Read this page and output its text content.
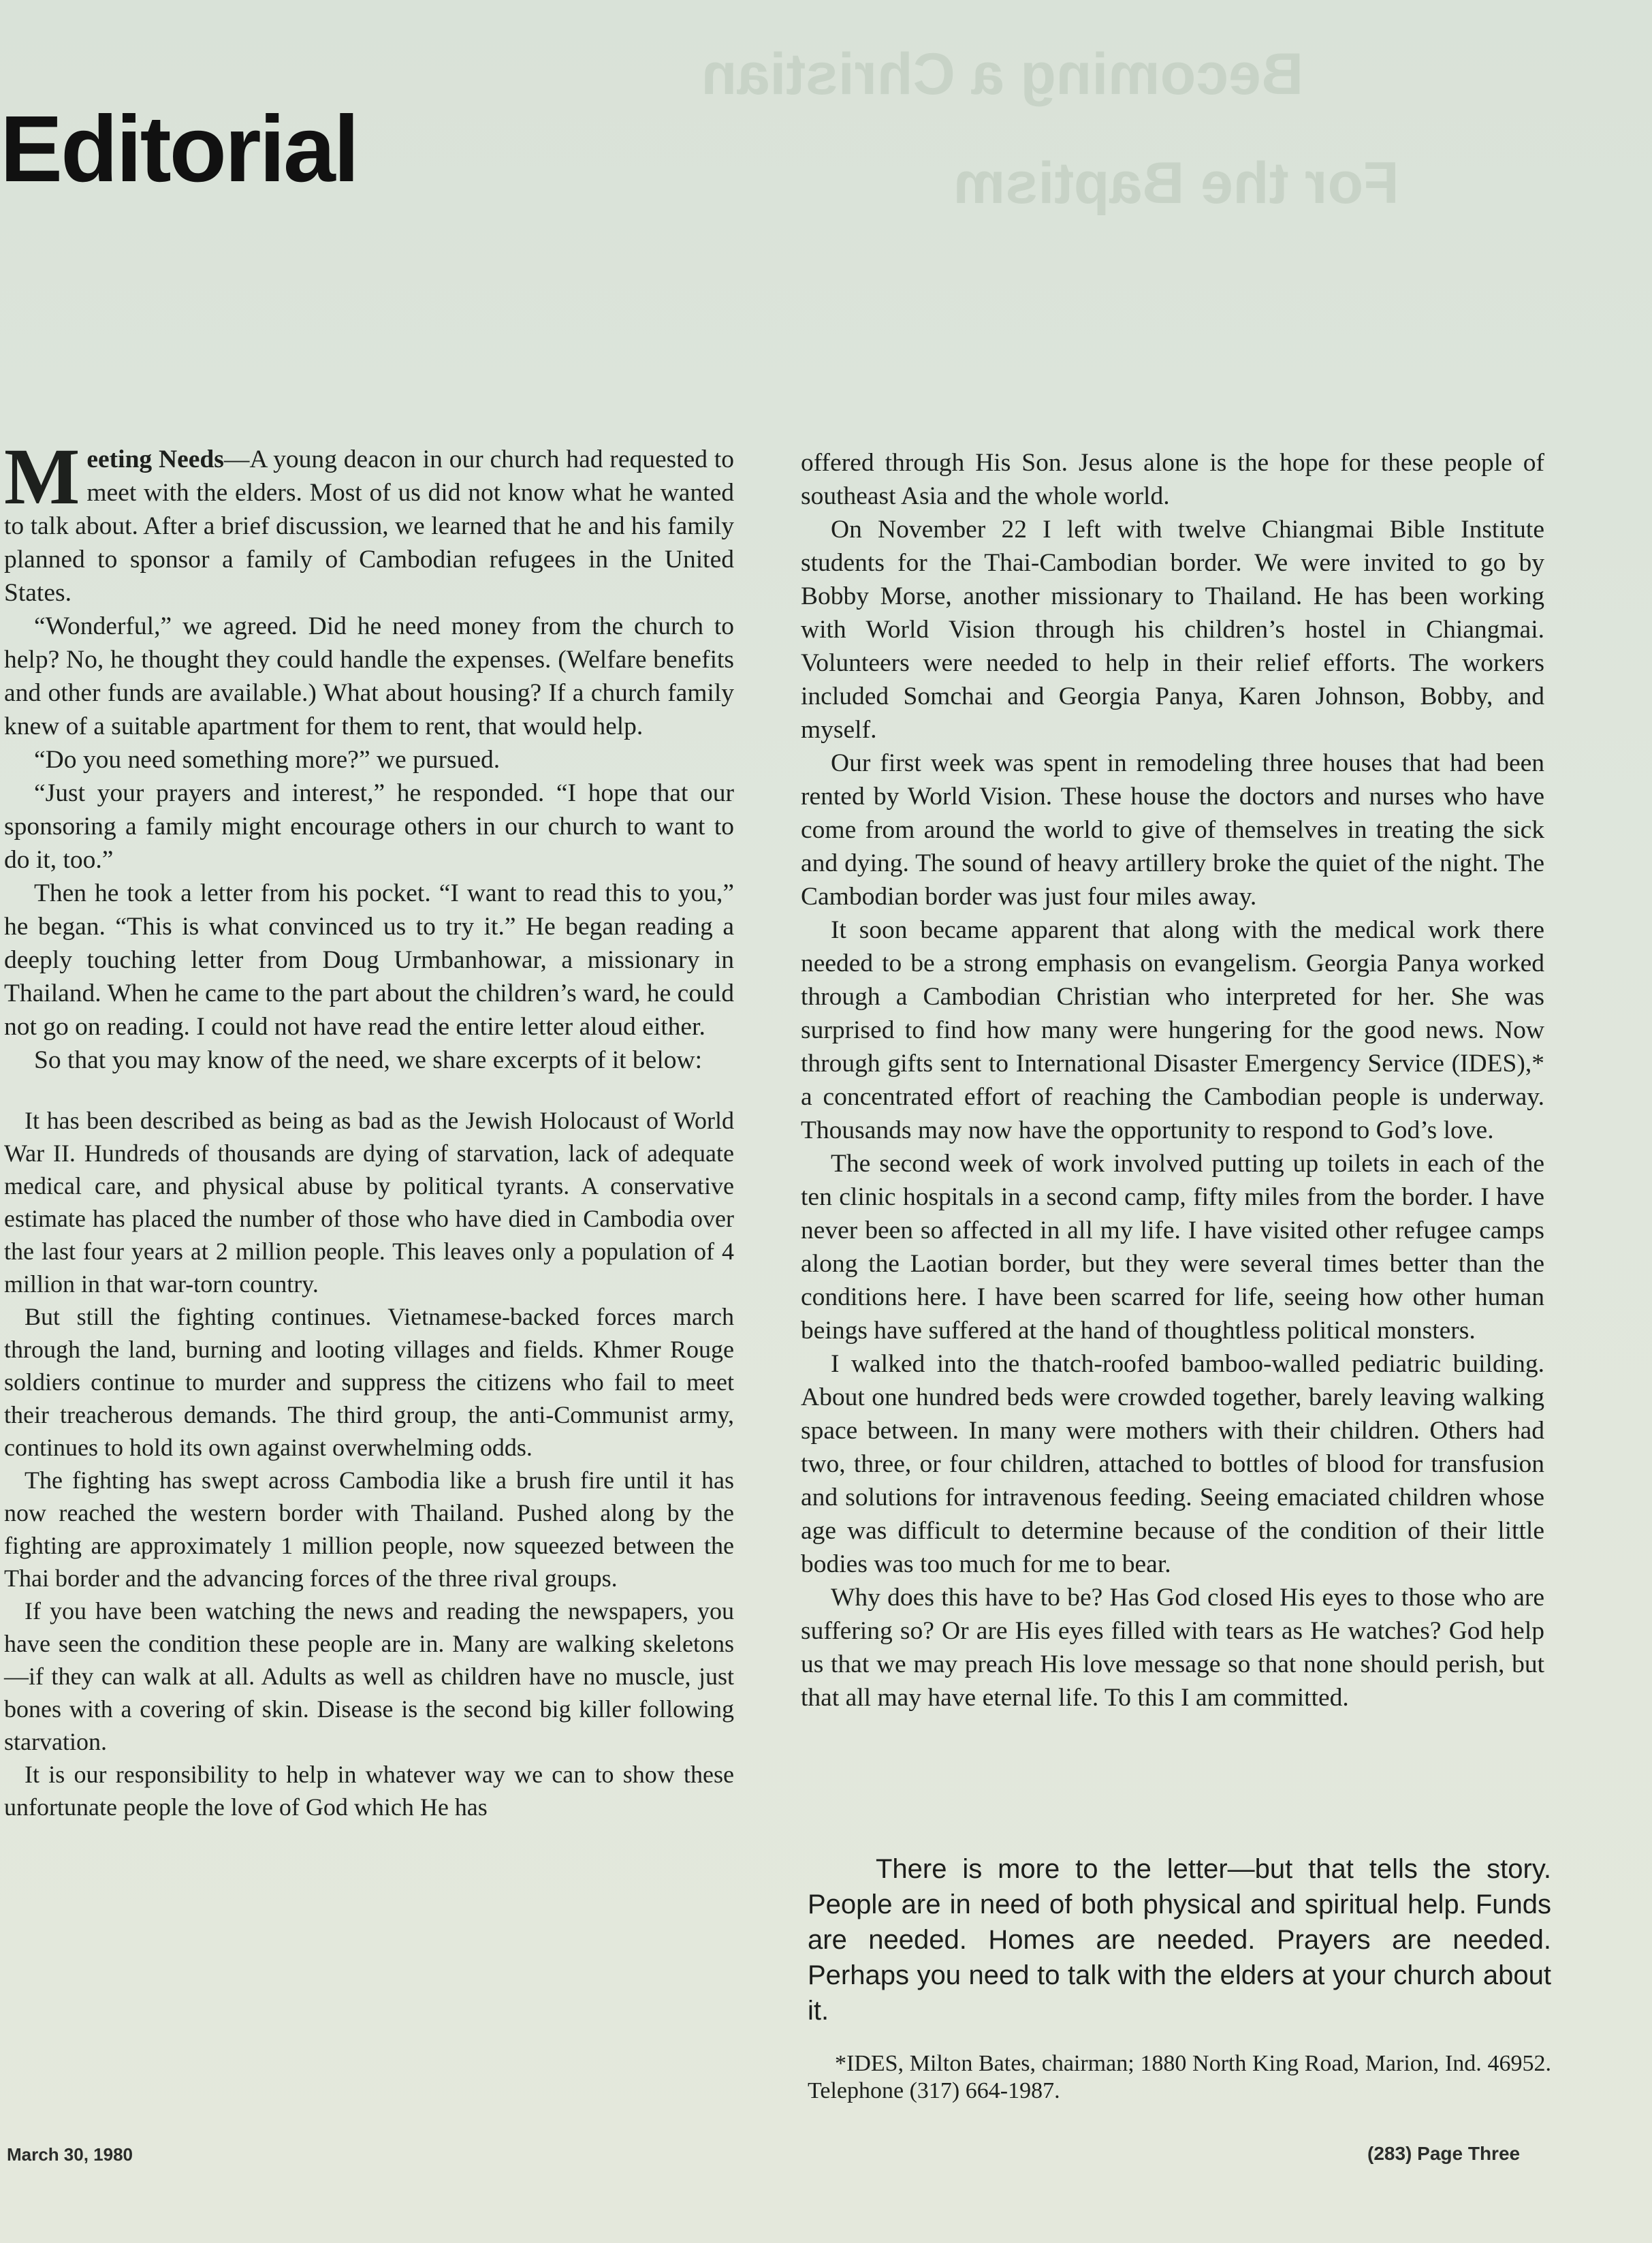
Becoming a Christian
For the Baptism
Editorial

Meeting Needs—A young deacon in our church had requested to meet with the elders. Most of us did not know what he wanted to talk about. After a brief discussion, we learned that he and his family planned to sponsor a family of Cambodian refugees in the United States.

“Wonderful,” we agreed. Did he need money from the church to help? No, he thought they could handle the expenses. (Welfare benefits and other funds are available.) What about housing? If a church family knew of a suitable apartment for them to rent, that would help.

“Do you need something more?” we pursued.

“Just your prayers and interest,” he responded. “I hope that our sponsoring a family might encourage others in our church to want to do it, too.”

Then he took a letter from his pocket. “I want to read this to you,” he began. “This is what convinced us to try it.” He began reading a deeply touching letter from Doug Urmbanhowar, a missionary in Thailand. When he came to the part about the children’s ward, he could not go on reading. I could not have read the entire letter aloud either.

So that you may know of the need, we share excerpts of it below:

It has been described as being as bad as the Jewish Holocaust of World War II. Hundreds of thousands are dying of starvation, lack of adequate medical care, and physical abuse by political tyrants. A conservative estimate has placed the number of those who have died in Cambodia over the last four years at 2 million people. This leaves only a population of 4 million in that war-torn country.

But still the fighting continues. Vietnamese-backed forces march through the land, burning and looting villages and fields. Khmer Rouge soldiers continue to murder and suppress the citizens who fail to meet their treacherous demands. The third group, the anti-Communist army, continues to hold its own against overwhelming odds.

The fighting has swept across Cambodia like a brush fire until it has now reached the western border with Thailand. Pushed along by the fighting are approximately 1 million people, now squeezed between the Thai border and the advancing forces of the three rival groups.

If you have been watching the news and reading the newspapers, you have seen the condition these people are in. Many are walking skeletons—if they can walk at all. Adults as well as children have no muscle, just bones with a covering of skin. Disease is the second big killer following starvation.

It is our responsibility to help in whatever way we can to show these unfortunate people the love of God which He has

offered through His Son. Jesus alone is the hope for these people of southeast Asia and the whole world.

On November 22 I left with twelve Chiangmai Bible Institute students for the Thai-Cambodian border. We were invited to go by Bobby Morse, another missionary to Thailand. He has been working with World Vision through his children’s hostel in Chiangmai. Volunteers were needed to help in their relief efforts. The workers included Somchai and Georgia Panya, Karen Johnson, Bobby, and myself.

Our first week was spent in remodeling three houses that had been rented by World Vision. These house the doctors and nurses who have come from around the world to give of themselves in treating the sick and dying. The sound of heavy artillery broke the quiet of the night. The Cambodian border was just four miles away.

It soon became apparent that along with the medical work there needed to be a strong emphasis on evangelism. Georgia Panya worked through a Cambodian Christian who interpreted for her. She was surprised to find how many were hungering for the good news. Now through gifts sent to International Disaster Emergency Service (IDES),* a concentrated effort of reaching the Cambodian people is underway. Thousands may now have the opportunity to respond to God’s love.

The second week of work involved putting up toilets in each of the ten clinic hospitals in a second camp, fifty miles from the border. I have never been so affected in all my life. I have visited other refugee camps along the Laotian border, but they were several times better than the conditions here. I have been scarred for life, seeing how other human beings have suffered at the hand of thoughtless political monsters.

I walked into the thatch-roofed bamboo-walled pediatric building. About one hundred beds were crowded together, barely leaving walking space between. In many were mothers with their children. Others had two, three, or four children, attached to bottles of blood for transfusion and solutions for intravenous feeding. Seeing emaciated children whose age was difficult to determine because of the condition of their little bodies was too much for me to bear.

Why does this have to be? Has God closed His eyes to those who are suffering so? Or are His eyes filled with tears as He watches? God help us that we may preach His love message so that none should perish, but that all may have eternal life. To this I am committed.

There is more to the letter—but that tells the story. People are in need of both physical and spiritual help. Funds are needed. Homes are needed. Prayers are needed. Perhaps you need to talk with the elders at your church about it.

*IDES, Milton Bates, chairman; 1880 North King Road, Marion, Ind. 46952. Telephone (317) 664-1987.

March 30, 1980	(283) Page Three
